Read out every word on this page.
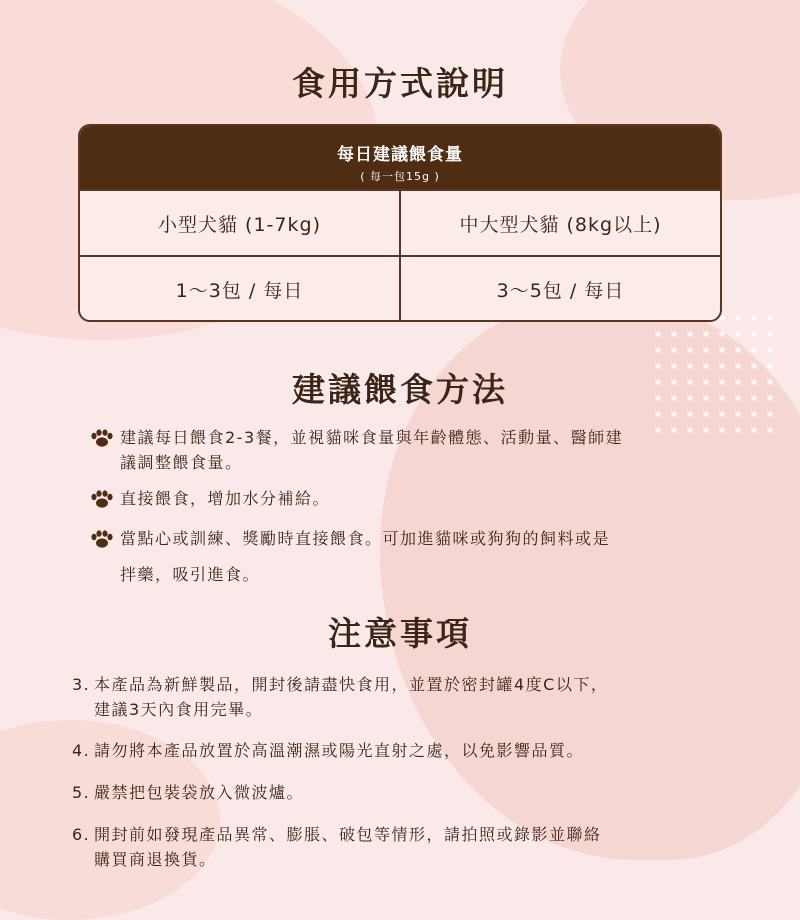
食用方式說明
每日建議餵食量
( 每一包15g )
小型犬貓 (1-7kg)	中大型犬貓 (8kg以上)
1～3包 / 每日	3～5包 / 每日
建議餵食方法
建議每日餵食2-3餐，並視貓咪食量與年齡體態、活動量、醫師建
議調整餵食量。
直接餵食，增加水分補給。
當點心或訓練、獎勵時直接餵食。可加進貓咪或狗狗的飼料或是
拌藥，吸引進食。
注意事項
3. 本產品為新鮮製品，開封後請盡快食用，並置於密封罐4度C以下，
建議3天內食用完畢。
4. 請勿將本產品放置於高溫潮濕或陽光直射之處，以免影響品質。
5. 嚴禁把包裝袋放入微波爐。
6. 開封前如發現產品異常、膨脹、破包等情形，請拍照或錄影並聯絡
購買商退換貨。
